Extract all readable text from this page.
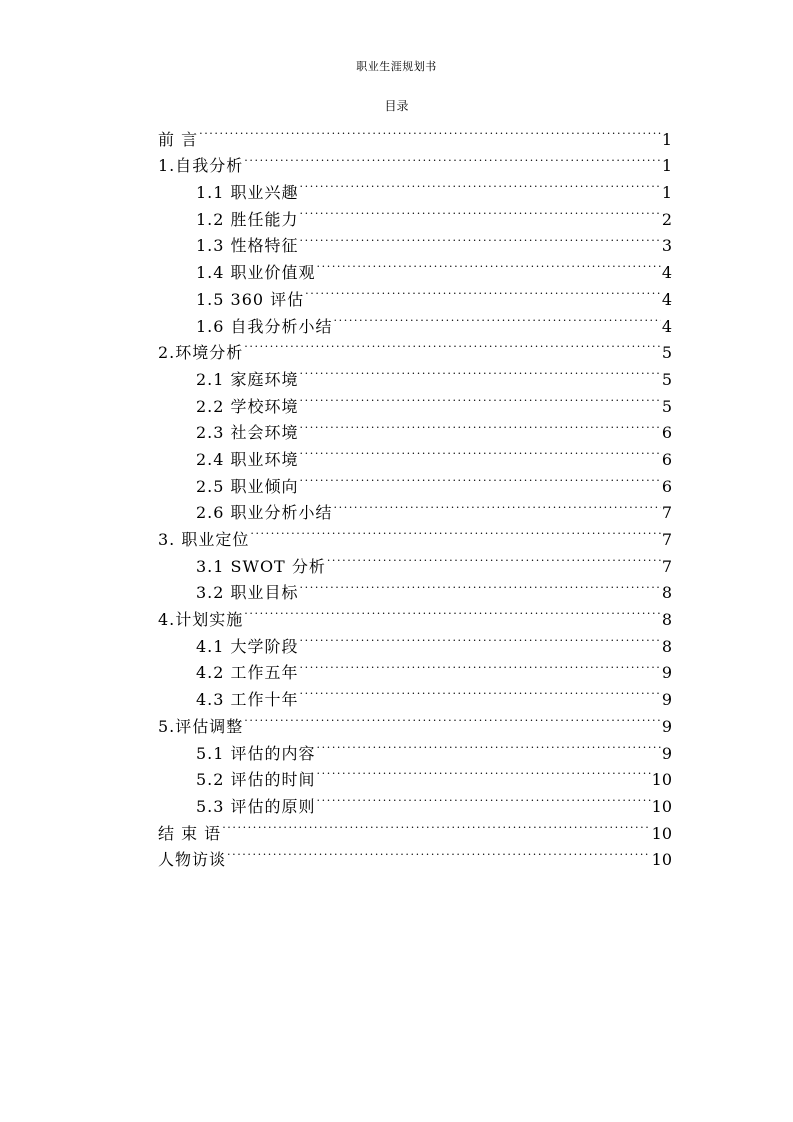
职业生涯规划书
目录
前 言 .....	1
1.自我分析 .....	1
1.1 职业兴趣 .....	1
1.2 胜任能力 .....	2
1.3 性格特征 .....	3
1.4 职业价值观 .....	4
1.5 360 评估 .....	4
1.6 自我分析小结 .....	4
2.环境分析 .....	5
2.1 家庭环境 .....	5
2.2 学校环境 .....	5
2.3 社会环境 .....	6
2.4 职业环境 .....	6
2.5 职业倾向 .....	6
2.6 职业分析小结 .....	7
3. 职业定位 .....	7
3.1 SWOT 分析 .....	7
3.2 职业目标 .....	8
4.计划实施 .....	8
4.1 大学阶段 .....	8
4.2 工作五年 .....	9
4.3 工作十年 .....	9
5.评估调整 .....	9
5.1 评估的内容 .....	9
5.2 评估的时间 .....	10
5.3 评估的原则 .....	10
结 束 语 .....	10
人物访谈 .....	10
